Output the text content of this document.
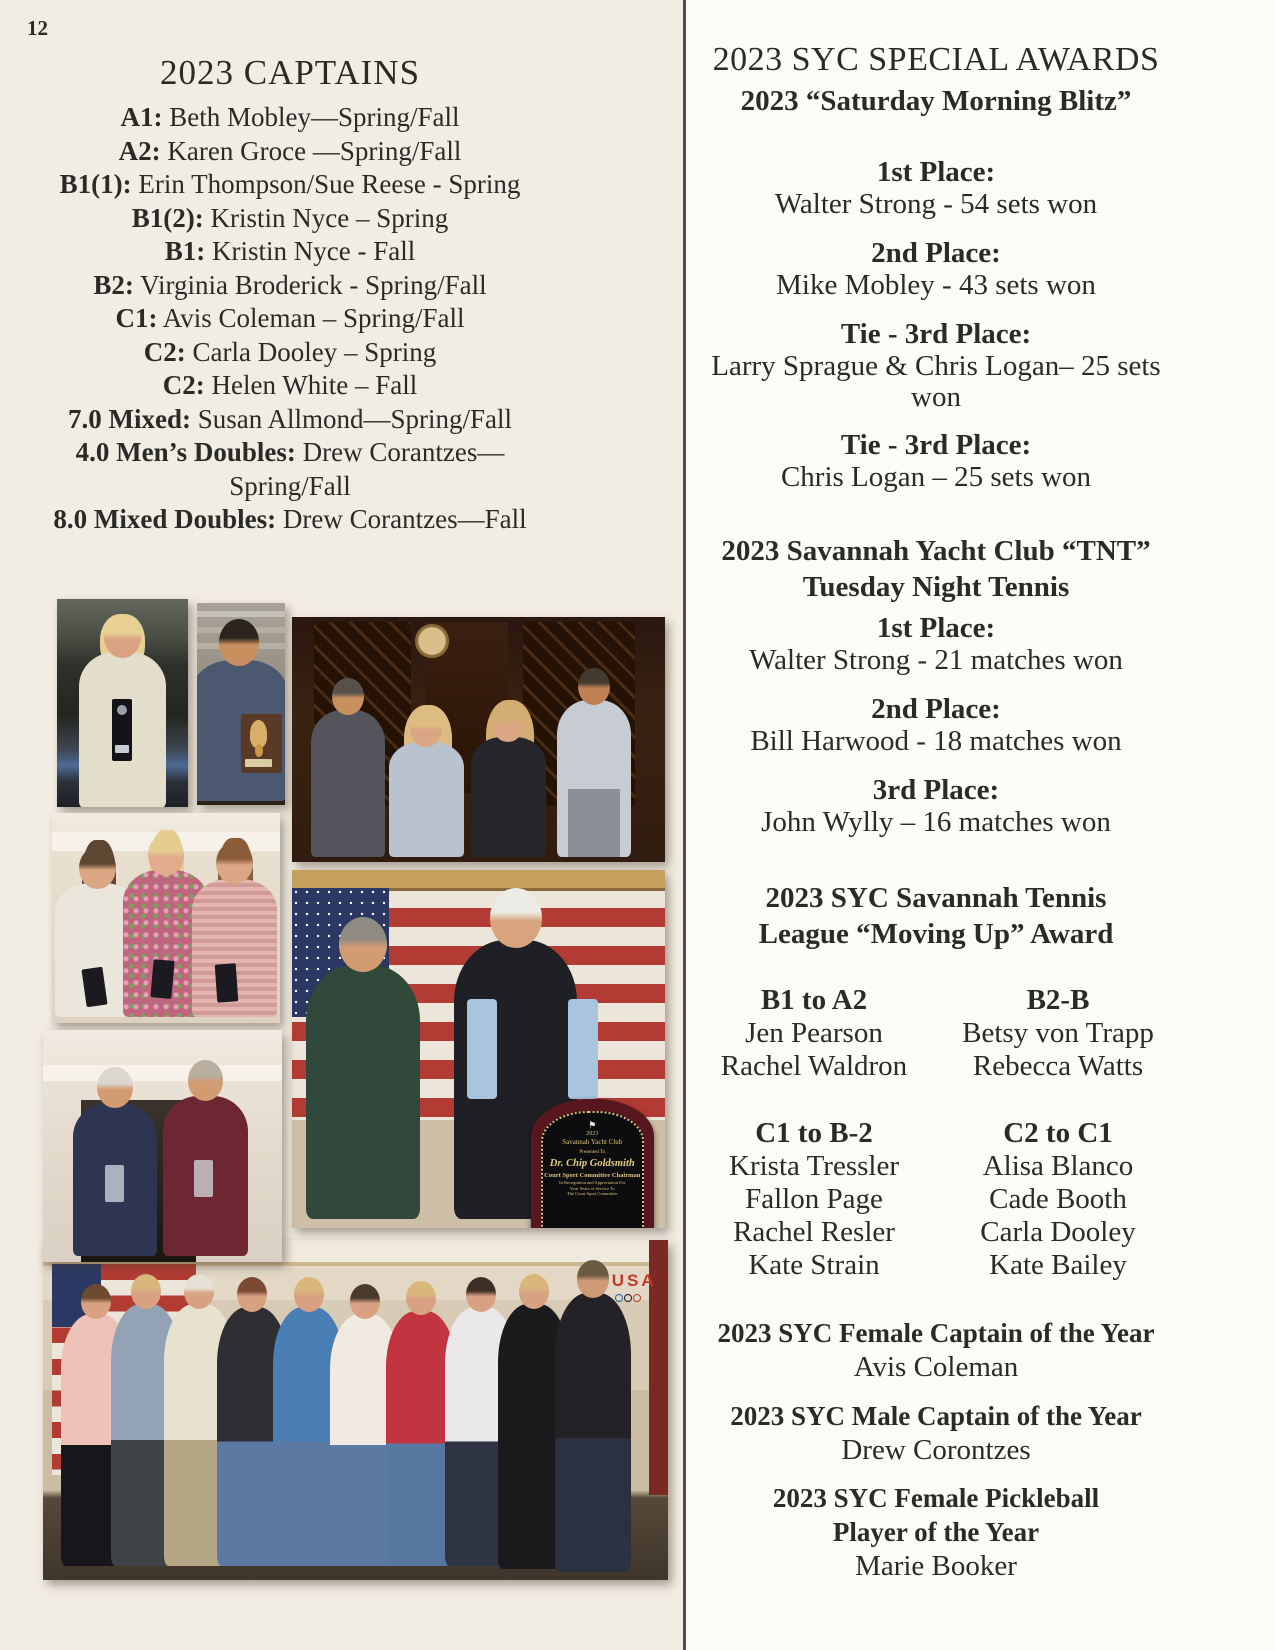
12
2023 CAPTAINS
A1: Beth Mobley—Spring/Fall
A2: Karen Groce —Spring/Fall
B1(1): Erin Thompson/Sue Reese - Spring
B1(2): Kristin Nyce – Spring
B1: Kristin Nyce - Fall
B2: Virginia Broderick - Spring/Fall
C1: Avis Coleman – Spring/Fall
C2: Carla Dooley – Spring
C2: Helen White – Fall
7.0 Mixed: Susan Allmond—Spring/Fall
4.0 Men’s Doubles: Drew Corantzes—Spring/Fall
8.0 Mixed Doubles: Drew Corantzes—Fall
USA
⚑
2023
Savannah Yacht Club
Presented To
Dr. Chip Goldsmith
Court Sport Committee Chairman
In Recognition and Appreciation For
Your Years of Service To
The Court Sport Committee
2023 SYC SPECIAL AWARDS
2023 “Saturday Morning Blitz”
1st Place:
Walter Strong - 54 sets won
2nd Place:
Mike Mobley - 43 sets won
Tie - 3rd Place:
Larry Sprague & Chris Logan– 25 sets won
Tie - 3rd Place:
Chris Logan – 25 sets won
2023 Savannah Yacht Club “TNT”
Tuesday Night Tennis
1st Place:
Walter Strong - 21 matches won
2nd Place:
Bill Harwood - 18 matches won
3rd Place:
John Wylly – 16 matches won
2023 SYC Savannah Tennis
League “Moving Up” Award
B1 to A2
Jen Pearson
Rachel Waldron
B2-B
Betsy von Trapp
Rebecca Watts
C1 to B-2
Krista Tressler
Fallon Page
Rachel Resler
Kate Strain
C2 to C1
Alisa Blanco
Cade Booth
Carla Dooley
Kate Bailey
2023 SYC Female Captain of the Year
Avis Coleman
2023 SYC Male Captain of the Year
Drew Corontzes
2023 SYC Female Pickleball
Player of the Year
Marie Booker
